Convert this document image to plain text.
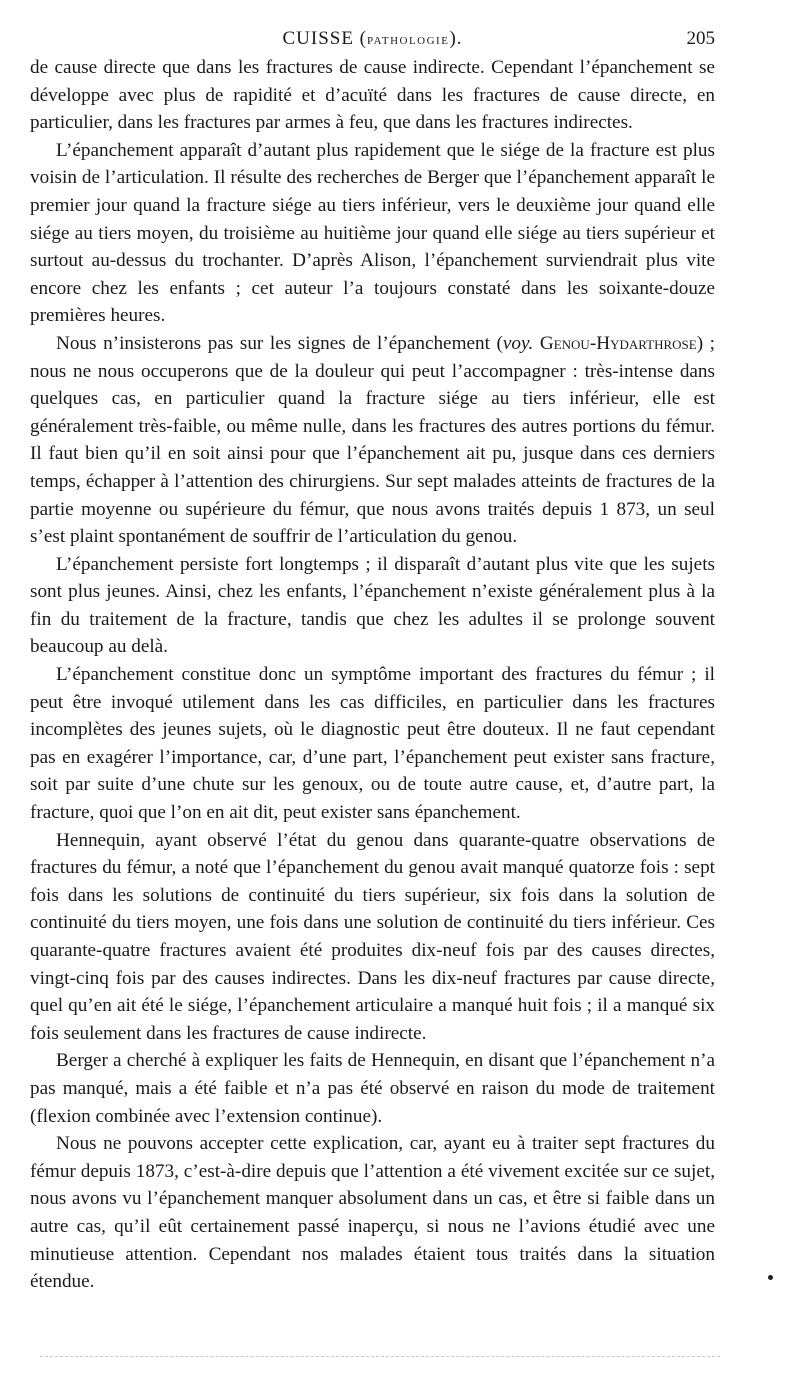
CUISSE (pathologie).	205

de cause directe que dans les fractures de cause indirecte. Cependant l’épanchement se développe avec plus de rapidité et d’acuïté dans les fractures de cause directe, en particulier, dans les fractures par armes à feu, que dans les fractures indirectes.

L’épanchement apparaît d’autant plus rapidement que le siége de la fracture est plus voisin de l’articulation. Il résulte des recherches de Berger que l’épanchement apparaît le premier jour quand la fracture siége au tiers inférieur, vers le deuxième jour quand elle siége au tiers moyen, du troisième au huitième jour quand elle siége au tiers supérieur et surtout au-dessus du trochanter. D’après Alison, l’épanchement surviendrait plus vite encore chez les enfants ; cet auteur l’a toujours constaté dans les soixante-douze premières heures.

Nous n’insisterons pas sur les signes de l’épanchement (voy. Genou-Hydarthrose) ; nous ne nous occuperons que de la douleur qui peut l’accompagner : très-intense dans quelques cas, en particulier quand la fracture siége au tiers inférieur, elle est généralement très-faible, ou même nulle, dans les fractures des autres portions du fémur. Il faut bien qu’il en soit ainsi pour que l’épanchement ait pu, jusque dans ces derniers temps, échapper à l’attention des chirurgiens. Sur sept malades atteints de fractures de la partie moyenne ou supérieure du fémur, que nous avons traités depuis 1 873, un seul s’est plaint spontanément de souffrir de l’articulation du genou.

L’épanchement persiste fort longtemps ; il disparaît d’autant plus vite que les sujets sont plus jeunes. Ainsi, chez les enfants, l’épanchement n’existe généralement plus à la fin du traitement de la fracture, tandis que chez les adultes il se prolonge souvent beaucoup au delà.

L’épanchement constitue donc un symptôme important des fractures du fémur ; il peut être invoqué utilement dans les cas difficiles, en particulier dans les fractures incomplètes des jeunes sujets, où le diagnostic peut être douteux. Il ne faut cependant pas en exagérer l’importance, car, d’une part, l’épanchement peut exister sans fracture, soit par suite d’une chute sur les genoux, ou de toute autre cause, et, d’autre part, la fracture, quoi que l’on en ait dit, peut exister sans épanchement.

Hennequin, ayant observé l’état du genou dans quarante-quatre observations de fractures du fémur, a noté que l’épanchement du genou avait manqué quatorze fois : sept fois dans les solutions de continuité du tiers supérieur, six fois dans la solution de continuité du tiers moyen, une fois dans une solution de continuité du tiers inférieur. Ces quarante-quatre fractures avaient été produites dix-neuf fois par des causes directes, vingt-cinq fois par des causes indirectes. Dans les dix-neuf fractures par cause directe, quel qu’en ait été le siége, l’épanchement articulaire a manqué huit fois ; il a manqué six fois seulement dans les fractures de cause indirecte.

Berger a cherché à expliquer les faits de Hennequin, en disant que l’épanchement n’a pas manqué, mais a été faible et n’a pas été observé en raison du mode de traitement (flexion combinée avec l’extension continue).

Nous ne pouvons accepter cette explication, car, ayant eu à traiter sept fractures du fémur depuis 1873, c’est-à-dire depuis que l’attention a été vivement excitée sur ce sujet, nous avons vu l’épanchement manquer absolument dans un cas, et être si faible dans un autre cas, qu’il eût certainement passé inaperçu, si nous ne l’avions étudié avec une minutieuse attention. Cependant nos malades étaient tous traités dans la situation étendue.
